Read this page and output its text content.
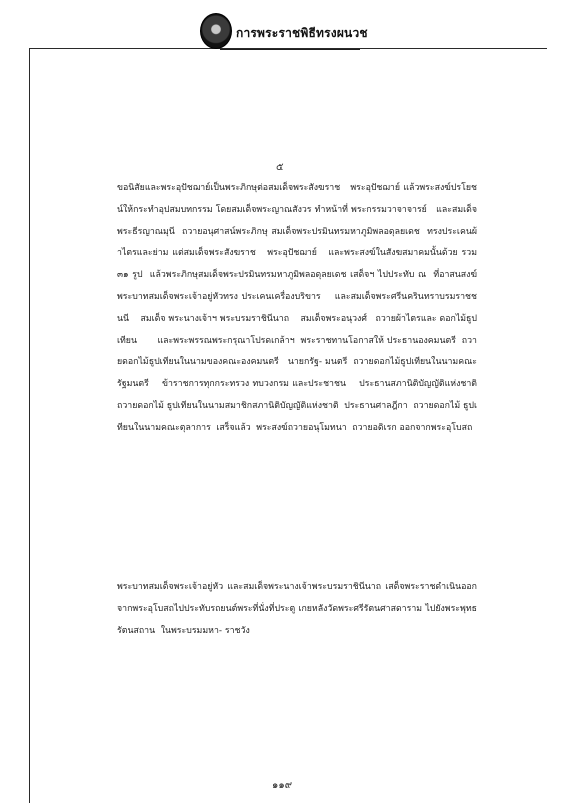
การพระราชพิธีทรงผนวช
๕
ขอนิสัยและพระอุปัชฌาย์เป็นพระภิกษุต่อสมเด็จพระสังฆราช   พระอุปัชฌาย์ แล้วพระสงฆ์ปรโยชน์ให้กระทำอุปสมบทกรรม โดยสมเด็จพระญาณสังวร ทำหน้าที่ พระกรรมวาจาจารย์   และสมเด็จพระธีรญาณมุนี  ถวายอนุศาสน์พระภิกษุ สมเด็จพระปรมินทรมหาภูมิพลอดุลยเดช  ทรงประเคนผ้าไตรและย่าม แต่สมเด็จพระสังฆราช   พระอุปัชฌาย์   และพระสงฆ์ในสังฆสมาคมนั้นด้วย รวม ๓๑ รูป  แล้วพระภิกษุสมเด็จพระปรมินทรมหาภูมิพลอดุลยเดช เสด็จฯ ไปประทับ ณ  ที่อาสนสงฆ์    พระบาทสมเด็จพระเจ้าอยู่หัวทรง ประเคนเครื่องบริขาร    และสมเด็จพระศรีนครินทราบรมราชชนนี    สมเด็จ พระนางเจ้าฯ พระบรมราชินีนาถ    สมเด็จพระอนุวงศ์   ถวายผ้าไตรและ ดอกไม้ธูปเทียน       และพระพรรณพระกรุณาโปรดเกล้าฯ  พระราชทานโอกาสให้ ประธานองคมนตรี  ถวายดอกไม้ธูปเทียนในนามของคณะองคมนตรี   นายกรัฐ- มนตรี  ถวายดอกไม้ธูปเทียนในนามคณะรัฐมนตรี    ข้าราชการทุกกระทรวง ทบวงกรม และประชาชน    ประธานสภานิติบัญญัติแห่งชาติ  ถวายดอกไม้ ธูปเทียนในนามสมาชิกสภานิติบัญญัติแห่งชาติ  ประธานศาลฎีกา  ถวายดอกไม้ ธูปเทียนในนามคณะตุลาการ  เสร็จแล้ว  พระสงฆ์ถวายอนุโมทนา  ถวายอดิเรก ออกจากพระอุโบสถ
พระบาทสมเด็จพระเจ้าอยู่หัว และสมเด็จพระนางเจ้าพระบรมราชินีนาถ เสด็จพระราชดำเนินออกจากพระอุโบสถไปประทับรถยนต์พระที่นั่งที่ประตู เกยหลังวัดพระศรีรัตนศาสดาราม ไปยังพระพุทธรัตนสถาน  ในพระบรมมหา- ราชวัง
๑๑๙
